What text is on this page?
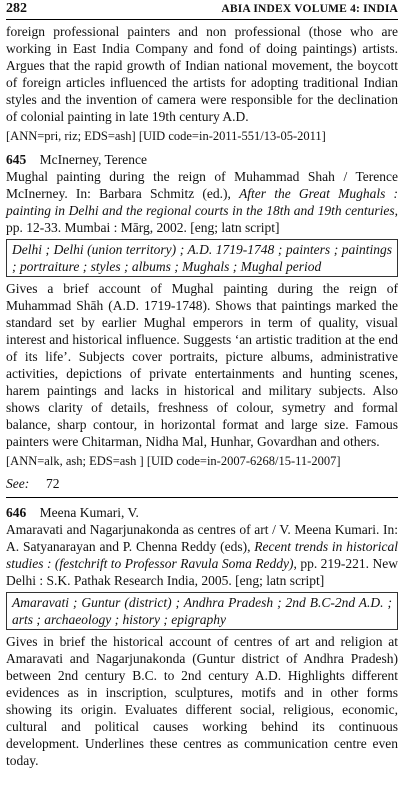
282	ABIA INDEX VOLUME 4: INDIA

foreign professional painters and non professional (those who are working in East India Company and fond of doing paintings) artists. Argues that the rapid growth of Indian national movement, the boycott of foreign articles influenced the artists for adopting traditional Indian styles and the invention of camera were responsible for the declination of colonial painting in late 19th century A.D.

[ANN=pri, riz; EDS=ash] [UID code=in-2011-551/13-05-2011]
645 McInerney, Terence

Mughal painting during the reign of Muhammad Shah / Terence McInerney. In: Barbara Schmitz (ed.), After the Great Mughals : painting in Delhi and the regional courts in the 18th and 19th centuries, pp. 12-33. Mumbai : Mārg, 2002. [eng; latn script]

Delhi ; Delhi (union territory) ; A.D. 1719-1748 ; painters ; paintings ; portraiture ; styles ; albums ; Mughals ; Mughal period

Gives a brief account of Mughal painting during the reign of Muhammad Shāh (A.D. 1719-1748). Shows that paintings marked the standard set by earlier Mughal emperors in term of quality, visual interest and historical influence. Suggests ‘an artistic tradition at the end of its life’. Subjects cover portraits, picture albums, administrative activities, depictions of private entertainments and hunting scenes, harem paintings and lacks in historical and military subjects. Also shows clarity of details, freshness of colour, symetry and formal balance, sharp contour, in horizontal format and large size. Famous painters were Chitarman, Nidha Mal, Hunhar, Govardhan and others.

[ANN=alk, ash; EDS=ash ] [UID code=in-2007-6268/15-11-2007]
See:	72
646 Meena Kumari, V.

Amaravati and Nagarjunakonda as centres of art / V. Meena Kumari. In: A. Satyanarayan and P. Chenna Reddy (eds), Recent trends in historical studies : (festchrift to Professor Ravula Soma Reddy), pp. 219-221. New Delhi : S.K. Pathak Research India, 2005. [eng; latn script]

Amaravati ; Guntur (district) ; Andhra Pradesh ; 2nd B.C-2nd A.D. ; arts ; archaeology ; history ; epigraphy

Gives in brief the historical account of centres of art and religion at Amaravati and Nagarjunakonda (Guntur district of Andhra Pradesh) between 2nd century B.C. to 2nd century A.D. Highlights different evidences as in inscription, sculptures, motifs and in other forms showing its origin. Evaluates different social, religious, economic, cultural and political causes working behind its continuous development. Underlines these centres as communication centre even today.
